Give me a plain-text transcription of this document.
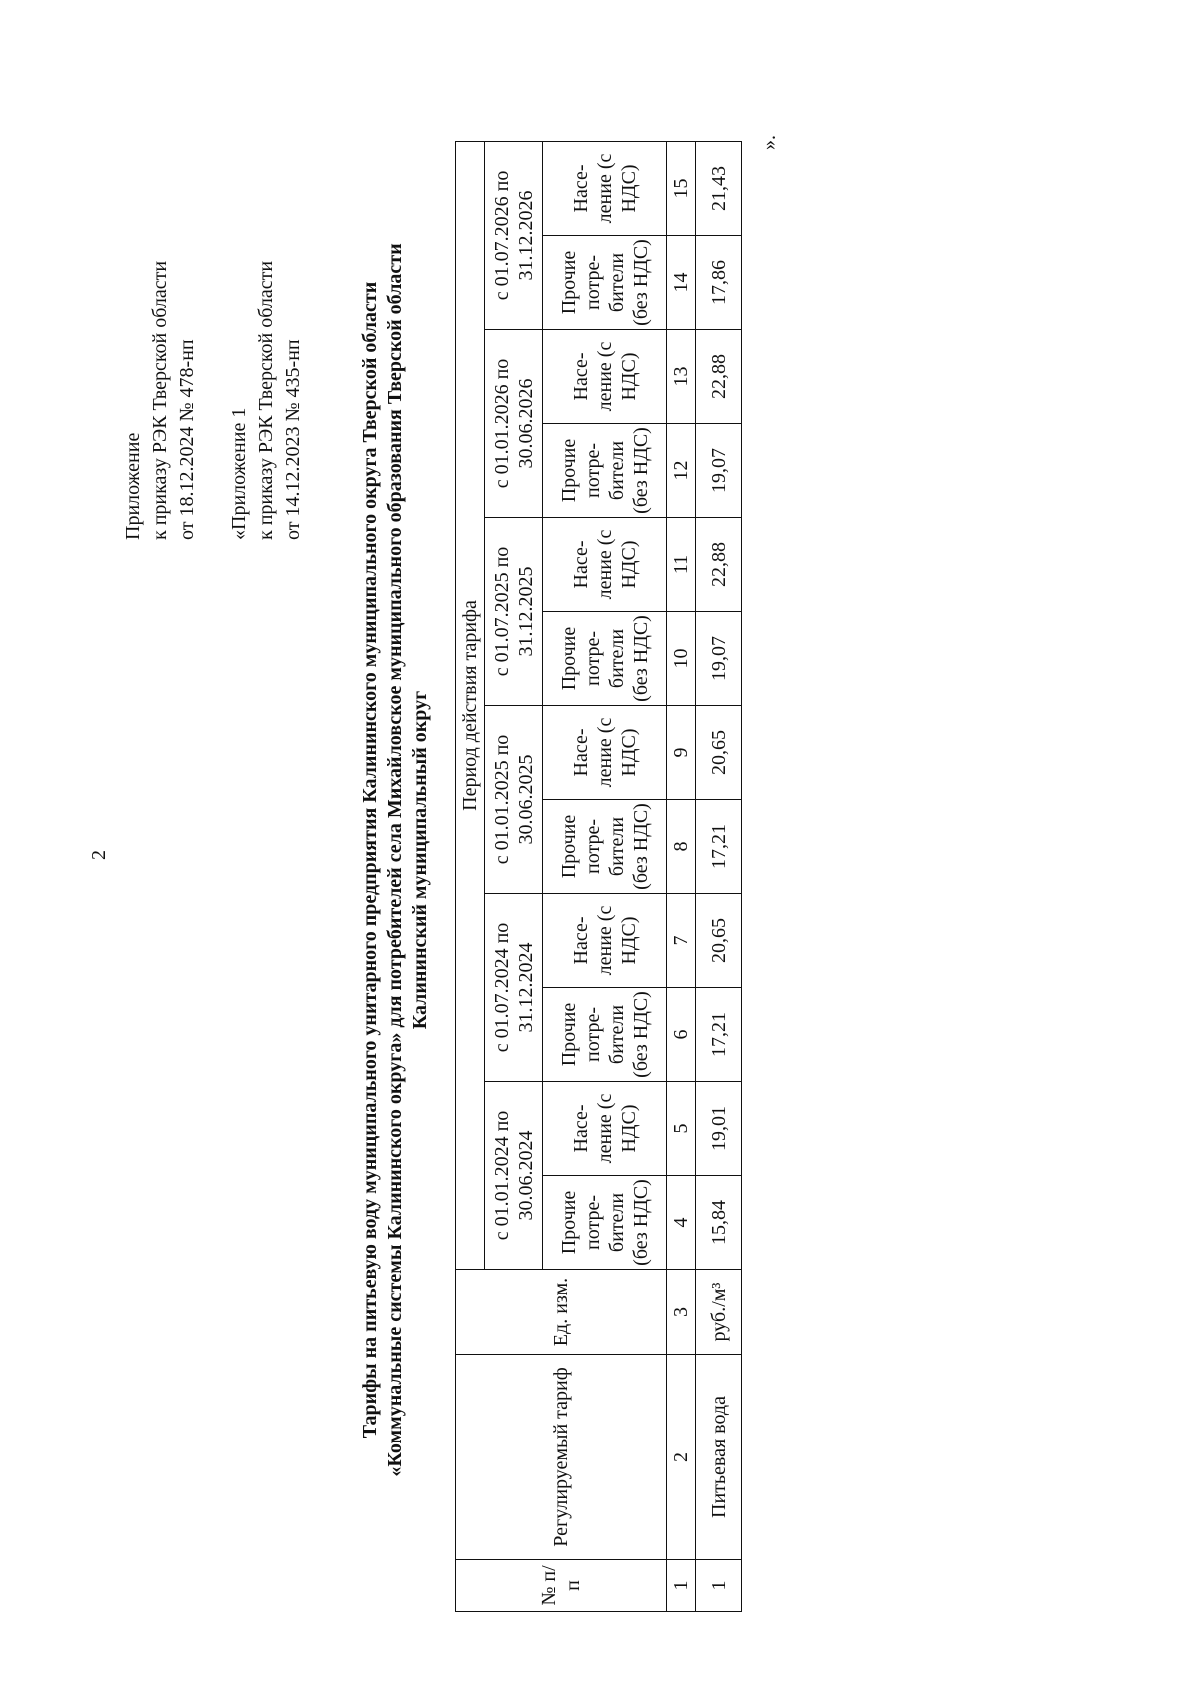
2
Приложение к приказу РЭК Тверской области от 18.12.2024 № 478-нп «Приложение 1 к приказу РЭК Тверской области от 14.12.2023 № 435-нп	Тарифы на питьевую воду муниципального унитарного предприятия Калининского муниципального округа Тверской области «Коммунальные системы Калининского округа» для потребителей села Михайловское муниципального образования Тверской области Калининский муниципальный округ
№ п/п	Регулируемый тариф	Ед. изм.	Период действия тарифа											
			с 01.01.2024 по 30.06.2024		с 01.07.2024 по 31.12.2024		с 01.01.2025 по 30.06.2025		с 01.07.2025 по 31.12.2025		с 01.01.2026 по 30.06.2026		с 01.07.2026 по 31.12.2026	
			Прочие потре-бители (без НДС)	Насе-ление (с НДС)	Прочие потре-бители (без НДС)	Насе-ление (с НДС)	Прочие потре-бители (без НДС)	Насе-ление (с НДС)	Прочие потре-бители (без НДС)	Насе-ление (с НДС)	Прочие потре-бители (без НДС)	Насе-ление (с НДС)	Прочие потре-бители (без НДС)	Насе-ление (с НДС)
1	2	3	4	5	6	7	8	9	10	11	12	13	14	15
1	Питьевая вода	руб./м³	15,84	19,01	17,21	20,65	17,21	20,65	19,07	22,88	19,07	22,88	17,86	21,43
».
